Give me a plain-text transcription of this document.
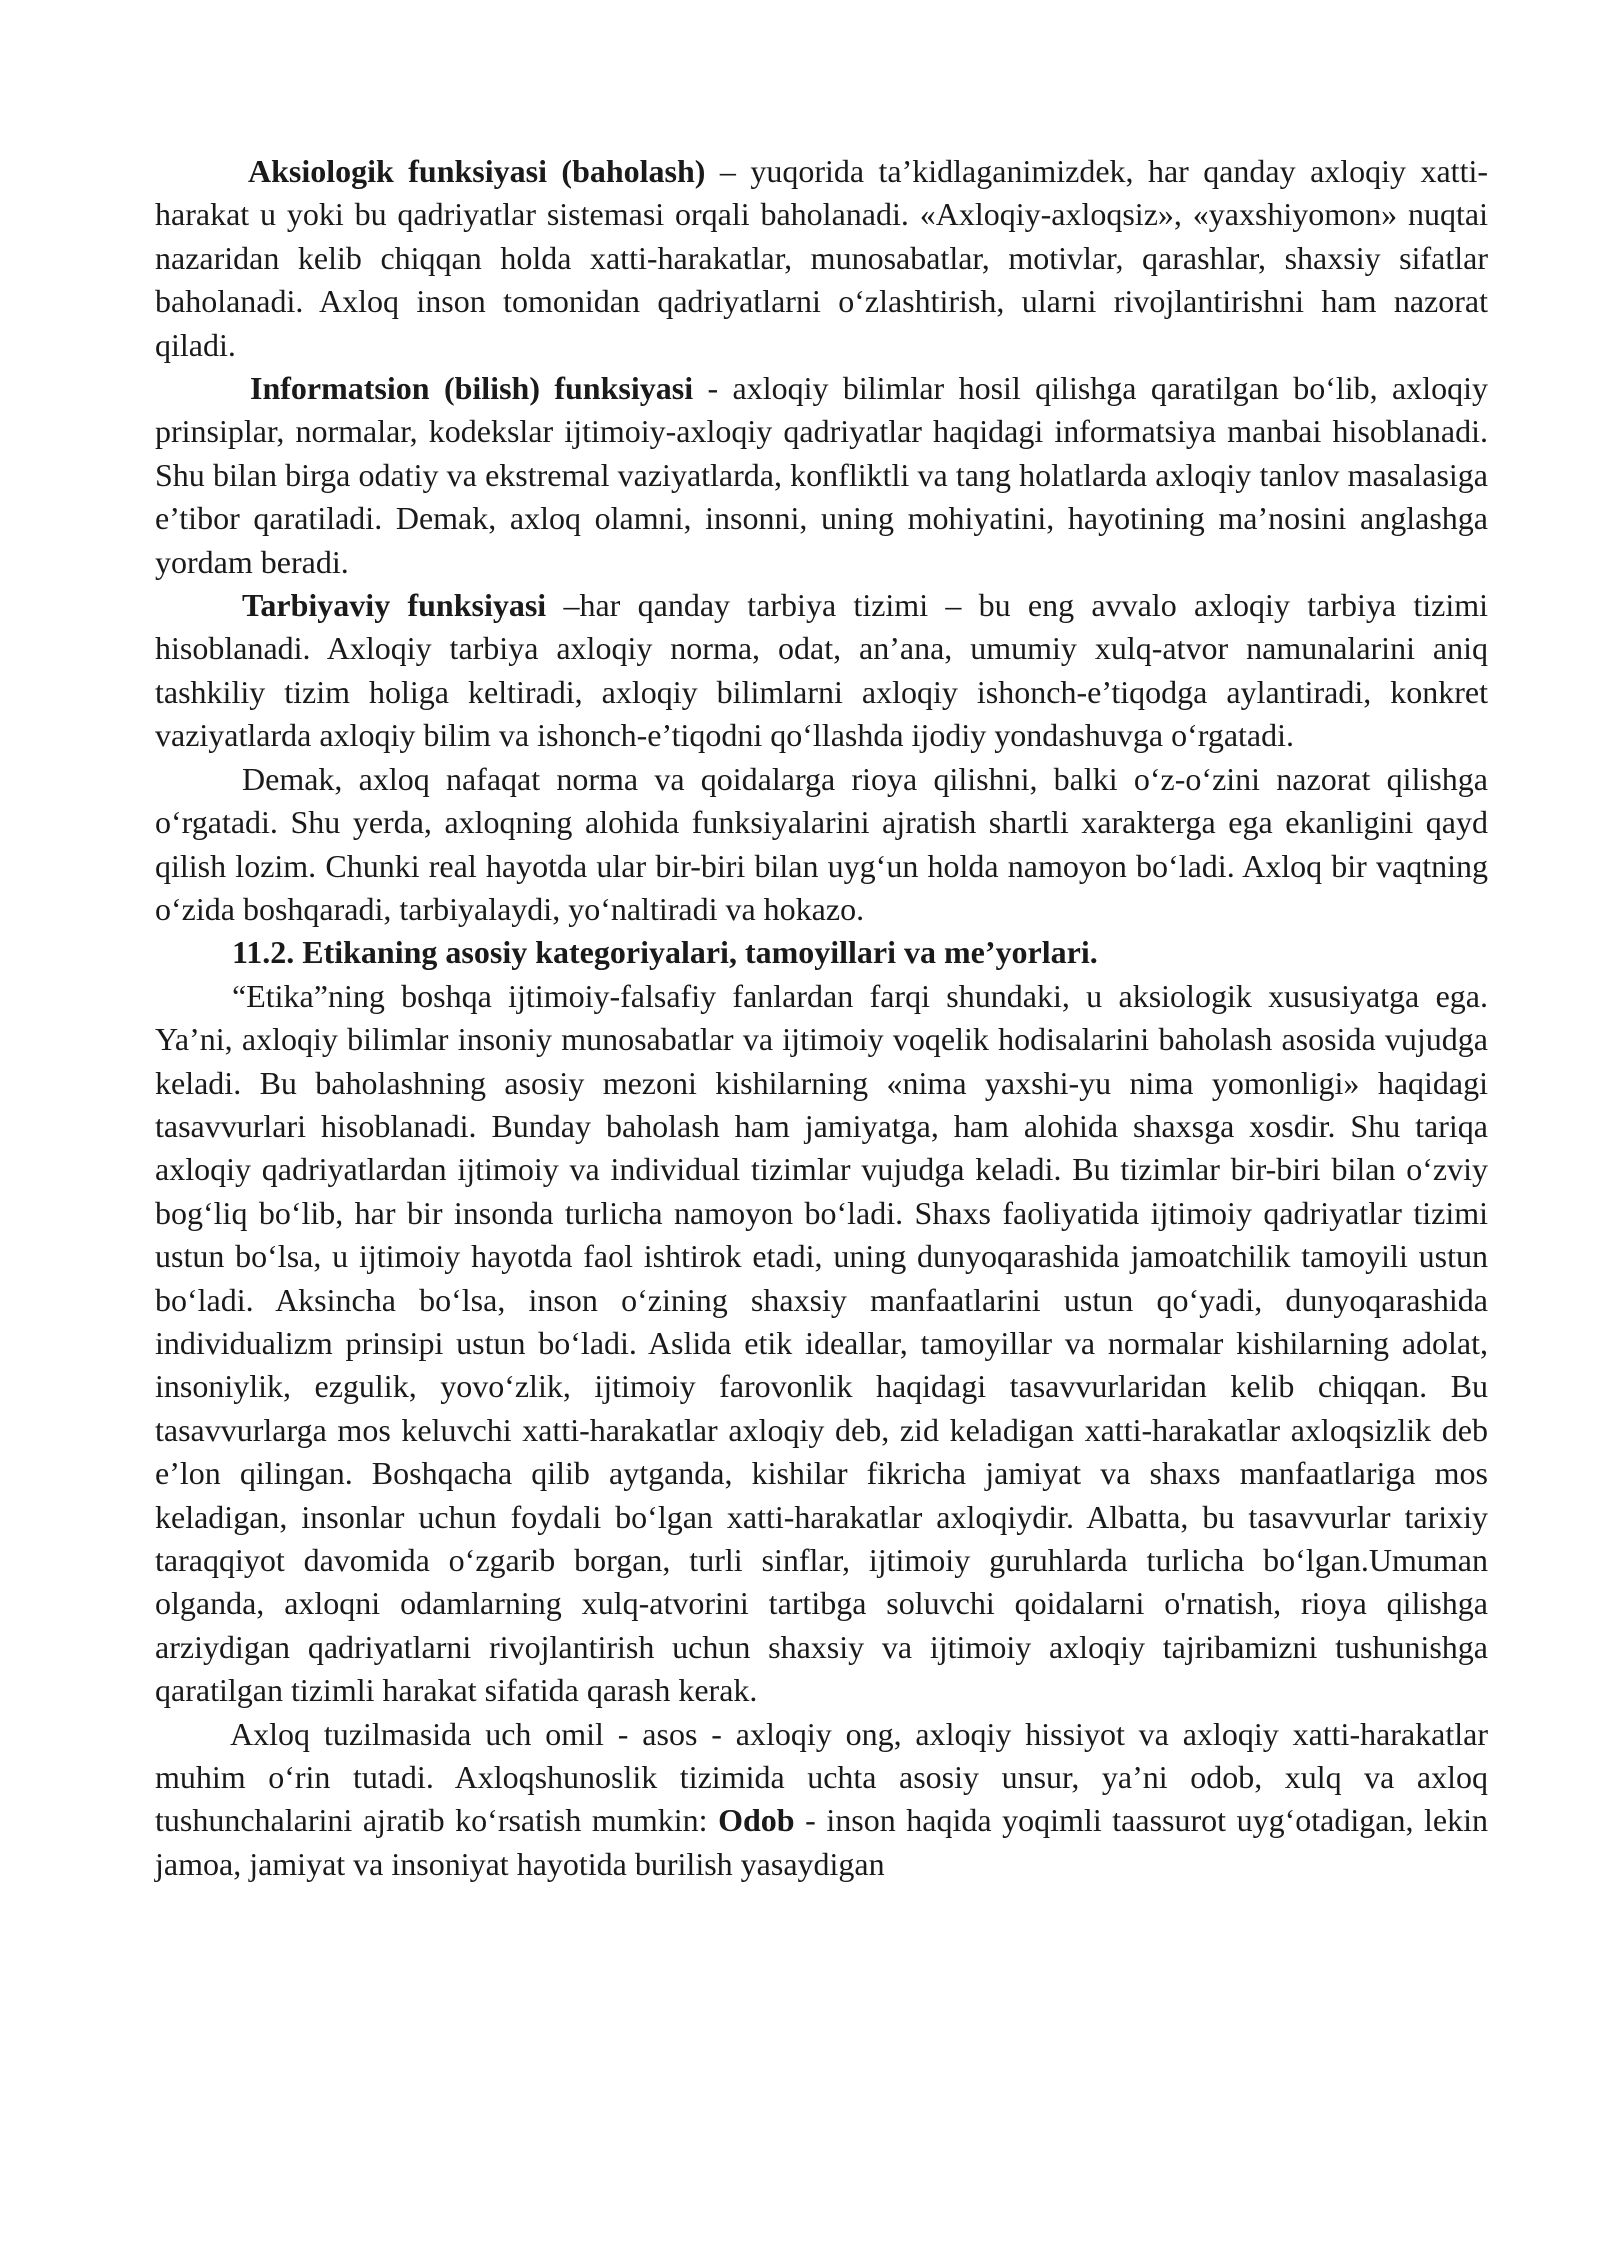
Aksiologik funksiyasi (baholash) – yuqorida ta’kidlaganimizdek, har qanday axloqiy xatti-harakat u yoki bu qadriyatlar sistemasi orqali baholanadi. «Axloqiy-axloqsiz», «yaxshiyomon» nuqtai nazaridan kelib chiqqan holda xatti-harakatlar, munosabatlar, motivlar, qarashlar, shaxsiy sifatlar baholanadi. Axloq inson tomonidan qadriyatlarni oʻzlashtirish, ularni rivojlantirishni ham nazorat qiladi.

Informatsion (bilish) funksiyasi - axloqiy bilimlar hosil qilishga qaratilgan boʻlib, axloqiy prinsiplar, normalar, kodekslar ijtimoiy-axloqiy qadriyatlar haqidagi informatsiya manbai hisoblanadi. Shu bilan birga odatiy va ekstremal vaziyatlarda, konfliktli va tang holatlarda axloqiy tanlov masalasiga e’tibor qaratiladi. Demak, axloq olamni, insonni, uning mohiyatini, hayotining ma’nosini anglashga yordam beradi.

Tarbiyaviy funksiyasi –har qanday tarbiya tizimi – bu eng avvalo axloqiy tarbiya tizimi hisoblanadi. Axloqiy tarbiya axloqiy norma, odat, an’ana, umumiy xulq-atvor namunalarini aniq tashkiliy tizim holiga keltiradi, axloqiy bilimlarni axloqiy ishonch-e’tiqodga aylantiradi, konkret vaziyatlarda axloqiy bilim va ishonch-e’tiqodni qoʻllashda ijodiy yondashuvga oʻrgatadi.

Demak, axloq nafaqat norma va qoidalarga rioya qilishni, balki oʻz-oʻzini nazorat qilishga oʻrgatadi. Shu yerda, axloqning alohida funksiyalarini ajratish shartli xarakterga ega ekanligini qayd qilish lozim. Chunki real hayotda ular bir-biri bilan uygʻun holda namoyon boʻladi. Axloq bir vaqtning oʻzida boshqaradi, tarbiyalaydi, yoʻnaltiradi va hokazo.

11.2. Etikaning asosiy kategoriyalari, tamoyillari va me’yorlari.

“Etika”ning boshqa ijtimoiy-falsafiy fanlardan farqi shundaki, u aksiologik xususiyatga ega. Ya’ni, axloqiy bilimlar insoniy munosabatlar va ijtimoiy voqelik hodisalarini baholash asosida vujudga keladi. Bu baholashning asosiy mezoni kishilarning «nima yaxshi-yu nima yomonligi» haqidagi tasavvurlari hisoblanadi. Bunday baholash ham jamiyatga, ham alohida shaxsga xosdir. Shu tariqa axloqiy qadriyatlardan ijtimoiy va individual tizimlar vujudga keladi. Bu tizimlar bir-biri bilan oʻzviy bogʻliq boʻlib, har bir insonda turlicha namoyon boʻladi. Shaxs faoliyatida ijtimoiy qadriyatlar tizimi ustun boʻlsa, u ijtimoiy hayotda faol ishtirok etadi, uning dunyoqarashida jamoatchilik tamoyili ustun boʻladi. Aksincha boʻlsa, inson oʻzining shaxsiy manfaatlarini ustun qoʻyadi, dunyoqarashida individualizm prinsipi ustun boʻladi. Aslida etik ideallar, tamoyillar va normalar kishilarning adolat, insoniylik, ezgulik, yovoʻzlik, ijtimoiy farovonlik haqidagi tasavvurlaridan kelib chiqqan. Bu tasavvurlarga mos keluvchi xatti-harakatlar axloqiy deb, zid keladigan xatti-harakatlar axloqsizlik deb e’lon qilingan. Boshqacha qilib aytganda, kishilar fikricha jamiyat va shaxs manfaatlariga mos keladigan, insonlar uchun foydali boʻlgan xatti-harakatlar axloqiydir. Albatta, bu tasavvurlar tarixiy taraqqiyot davomida oʻzgarib borgan, turli sinflar, ijtimoiy guruhlarda turlicha boʻlgan.Umuman olganda, axloqni odamlarning xulq-atvorini tartibga soluvchi qoidalarni o'rnatish, rioya qilishga arziydigan qadriyatlarni rivojlantirish uchun shaxsiy va ijtimoiy axloqiy tajribamizni tushunishga qaratilgan tizimli harakat sifatida qarash kerak.

Axloq tuzilmasida uch omil - asos - axloqiy ong, axloqiy hissiyot va axloqiy xatti-harakatlar muhim oʻrin tutadi. Axloqshunoslik tizimida uchta asosiy unsur, ya’ni odob, xulq va axloq tushunchalarini ajratib koʻrsatish mumkin: Odob - inson haqida yoqimli taassurot uygʻotadigan, lekin jamoa, jamiyat va insoniyat hayotida burilish yasaydigan
